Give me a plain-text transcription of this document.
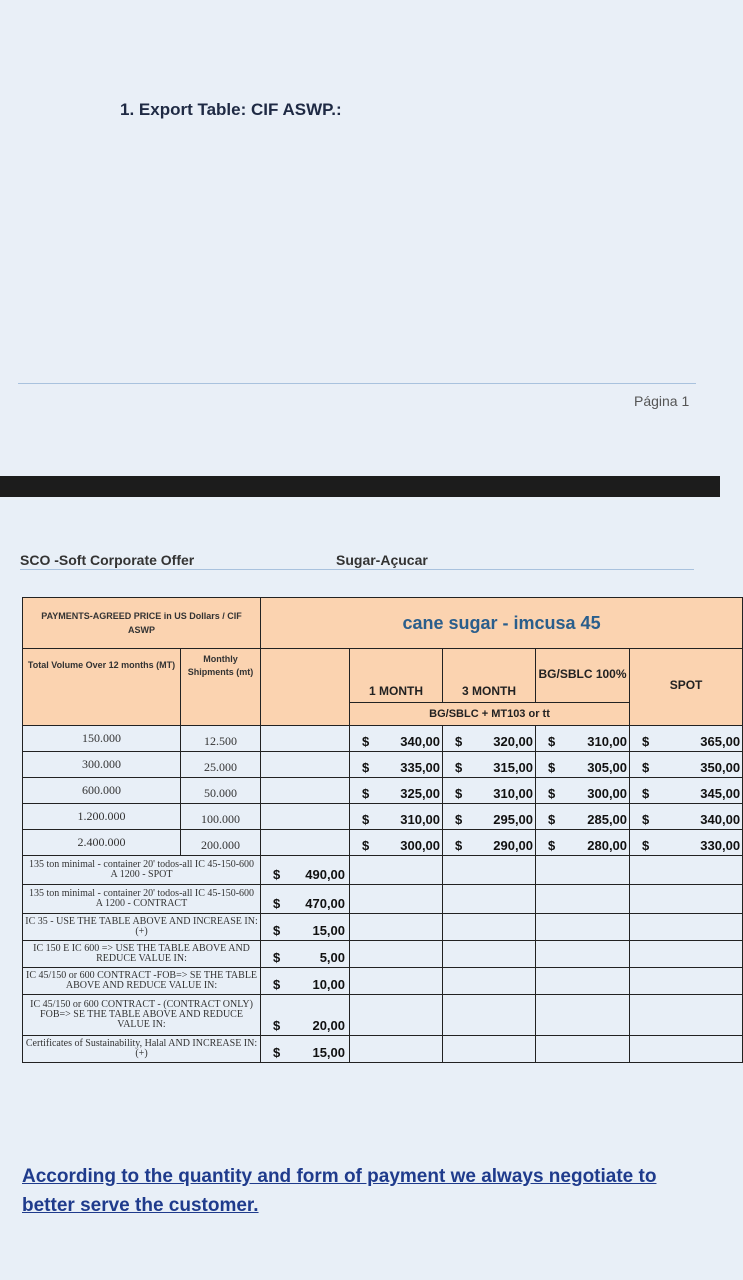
1. Export Table: CIF ASWP.:
Página 1
SCO -Soft Corporate Offer	Sugar-Açucar
PAYMENTS-AGREED PRICE in US Dollars / CIF ASWP		cane sugar - imcusa 45				
Total Volume Over 12 months (MT)	Monthly Shipments (mt)		1 MONTH	3 MONTH	BG/SBLC 100%	SPOT
			BG/SBLC + MT103 or tt			
150.000	12.500		$ 340,00	$ 320,00	$ 310,00	$ 365,00

300.000	25.000		$ 335,00	$ 315,00	$ 305,00	$ 350,00

600.000	50.000		$ 325,00	$ 310,00	$ 300,00	$ 345,00

1.200.000	100.000		$ 310,00	$ 295,00	$ 285,00	$ 340,00

2.400.000	200.000		$ 300,00	$ 290,00	$ 280,00	$ 330,00

135 ton minimal - container 20' todos-all IC 45-150-600 A 1200 - SPOT		$ 490,00				

135 ton minimal - container 20' todos-all IC 45-150-600 A 1200 - CONTRACT		$ 470,00				

IC 35 - USE THE TABLE ABOVE AND INCREASE IN: (+)		$ 15,00				

IC 150 E IC 600 => USE THE TABLE ABOVE AND REDUCE VALUE IN:		$ 5,00				

IC 45/150 or 600 CONTRACT -FOB=> SE THE TABLE ABOVE AND REDUCE VALUE IN:		$ 10,00				

IC 45/150 or 600 CONTRACT - (CONTRACT ONLY) FOB=> SE THE TABLE ABOVE AND REDUCE VALUE IN:		$ 20,00				

Certificates of Sustainability, Halal AND INCREASE IN: (+)		$ 15,00				

According to the quantity and form of payment we always negotiate to better serve the customer.
